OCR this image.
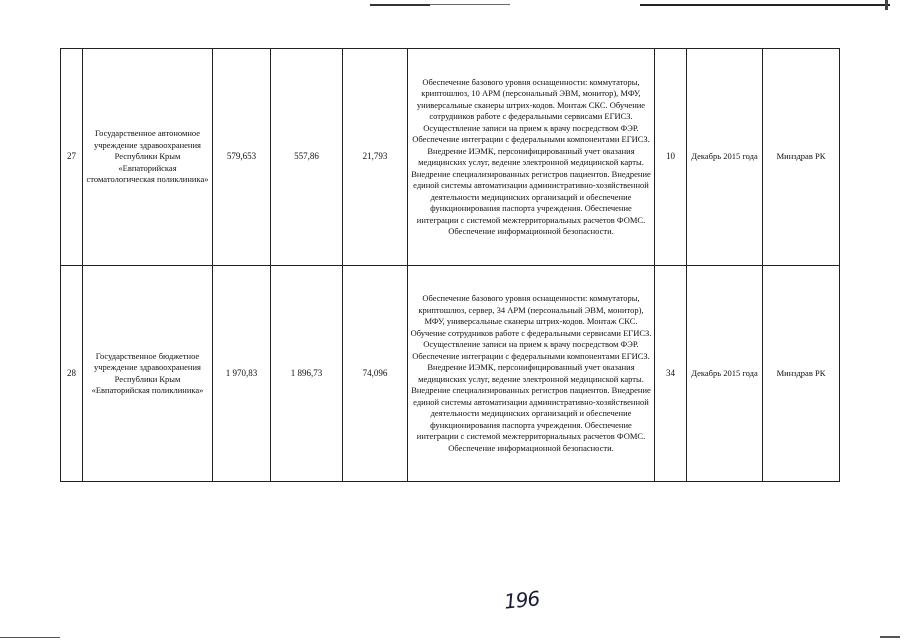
27	Государственное автономное учреждение здравоохранения Республики Крым «Евпаторийская стоматологическая поликлиника»	579,653	557,86	21,793	Обеспечение базового уровня оснащенности: коммутаторы, криптошлюз, 10 АРМ (персональный ЭВМ, монитор), МФУ, универсальные сканеры штрих-кодов. Монтаж СКС. Обучение сотрудников работе с федеральными сервисами ЕГИСЗ. Осуществление записи на прием к врачу посредством ФЭР. Обеспечение интеграции с федеральными компонентами ЕГИСЗ. Внедрение ИЭМК, персонифицированный учет оказания медицинских услуг, ведение электронной медицинской карты. Внедрение специализированных регистров пациентов. Внедрение единой системы автоматизации административно-хозяйственной деятельности медицинских организаций и обеспечение функционирования паспорта учреждения. Обеспечение интеграции с системой межтерриториальных расчетов ФОМС. Обеспечение информационной безопасности.	10	Декабрь 2015 года	Минздрав РК
28	Государственное бюджетное учреждение здравоохранения Республики Крым «Евпаторийская поликлиника»	1 970,83	1 896,73	74,096	Обеспечение базового уровня оснащенности: коммутаторы, криптошлюз, сервер, 34 АРМ (персональный ЭВМ, монитор), МФУ, универсальные сканеры штрих-кодов. Монтаж СКС. Обучение сотрудников работе с федеральными сервисами ЕГИСЗ. Осуществление записи на прием к врачу посредством ФЭР. Обеспечение интеграции с федеральными компонентами ЕГИСЗ. Внедрение ИЭМК, персонифицированный учет оказания медицинских услуг, ведение электронной медицинской карты. Внедрение специализированных регистров пациентов. Внедрение единой системы автоматизации административно-хозяйственной деятельности медицинских организаций и обеспечение функционирования паспорта учреждения. Обеспечение интеграции с системой межтерриториальных расчетов ФОМС. Обеспечение информационной безопасности.	34	Декабрь 2015 года	Минздрав РК
196
